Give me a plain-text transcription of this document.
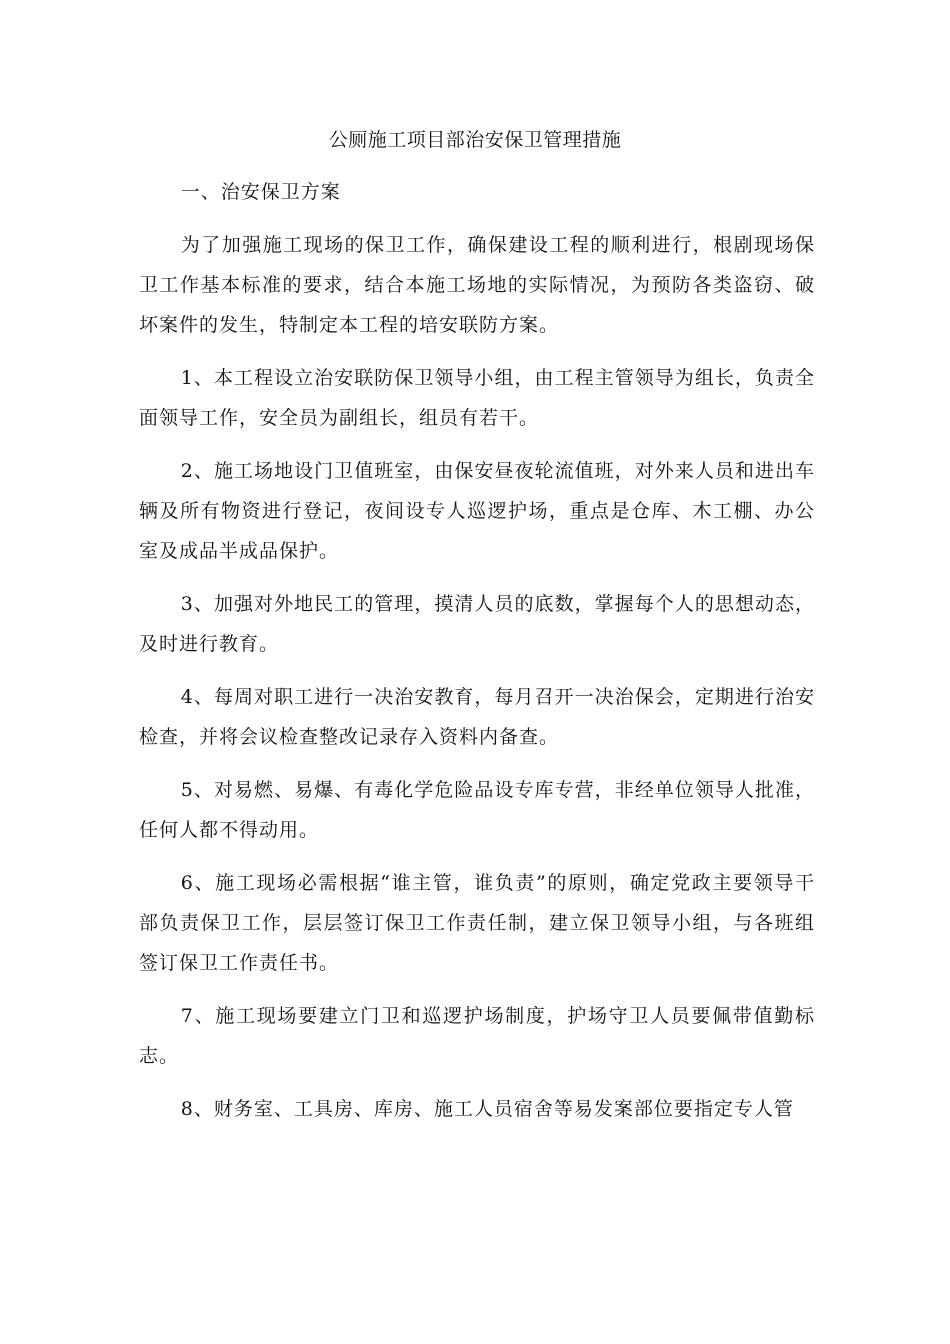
公厕施工项目部治安保卫管理措施

一、治安保卫方案

为了加强施工现场的保卫工作，确保建设工程的顺利进行，根剧现场保卫工作基本标准的要求，结合本施工场地的实际情况，为预防各类盗窃、破坏案件的发生，特制定本工程的培安联防方案。

1、本工程设立治安联防保卫领导小组，由工程主管领导为组长，负责全面领导工作，安全员为副组长，组员有若干。

2、施工场地设门卫值班室，由保安昼夜轮流值班，对外来人员和进出车辆及所有物资进行登记，夜间设专人巡逻护场，重点是仓库、木工棚、办公室及成品半成品保护。

3、加强对外地民工的管理，摸清人员的底数，掌握每个人的思想动态，及时进行教育。

4、每周对职工进行一决治安教育，每月召开一决治保会，定期进行治安检查，并将会议检查整改记录存入资料内备查。

5、对易燃、易爆、有毒化学危险品设专库专营，非经单位领导人批准，任何人都不得动用。

6、施工现场必需根据“谁主管，谁负责”的原则，确定党政主要领导干部负责保卫工作，层层签订保卫工作责任制，建立保卫领导小组，与各班组签订保卫工作责任书。

7、施工现场要建立门卫和巡逻护场制度，护场守卫人员要佩带值勤标志。

8、财务室、工具房、库房、施工人员宿舍等易发案部位要指定专人管
